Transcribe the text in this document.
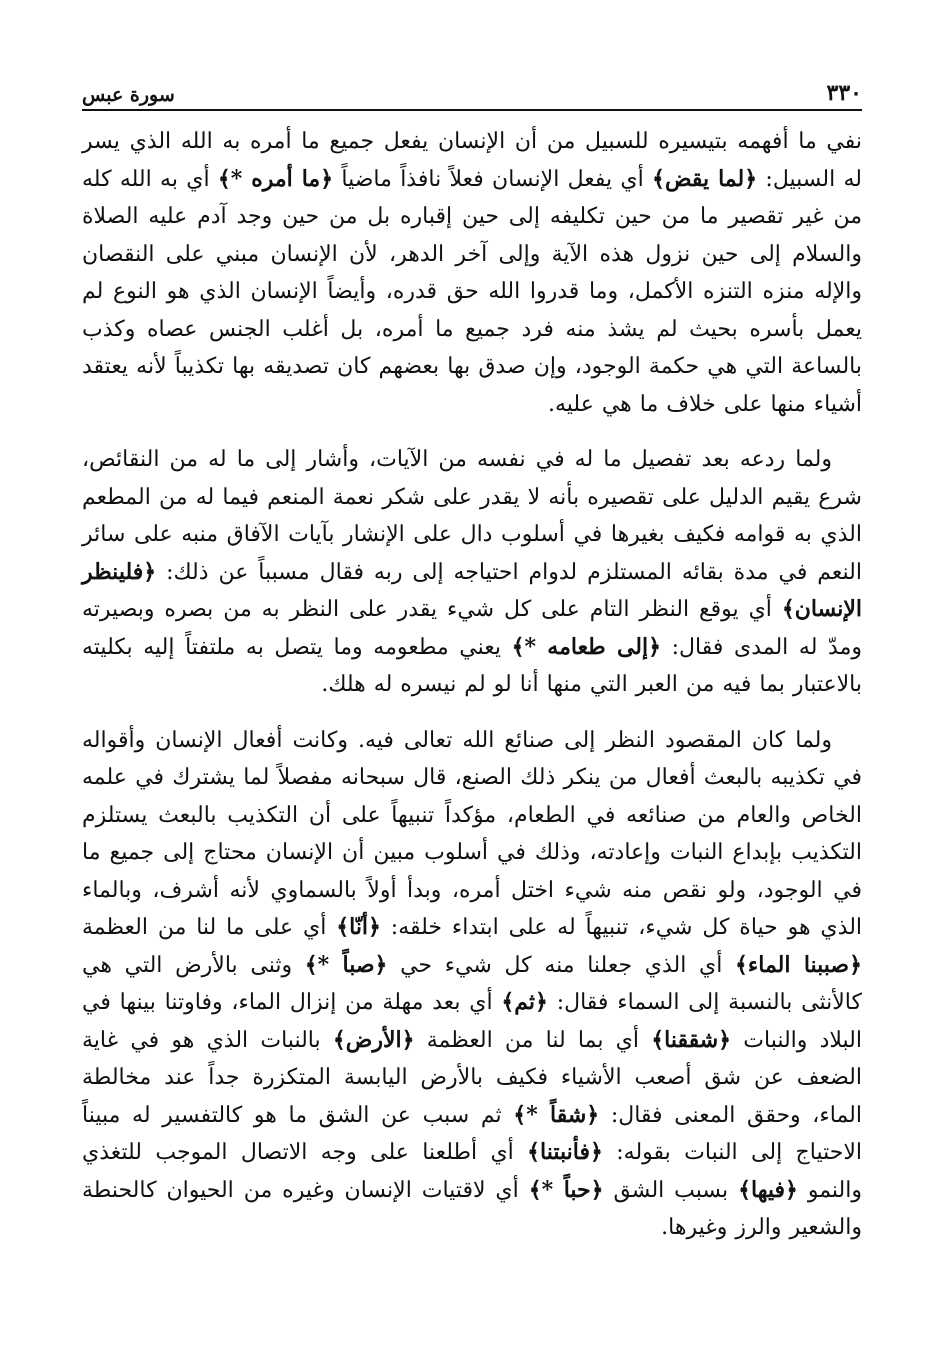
٣٣٠
سورة عبس

نفي ما أفهمه بتيسيره للسبيل من أن الإنسان يفعل جميع ما أمره به الله الذي يسر له السبيل: ﴿لما يقض﴾ أي يفعل الإنسان فعلاً نافذاً ماضياً ﴿ما أمره *﴾ أي به الله كله من غير تقصير ما من حين تكليفه إلى حين إقباره بل من حين وجد آدم عليه الصلاة والسلام إلى حين نزول هذه الآية وإلى آخر الدهر، لأن الإنسان مبني على النقصان والإله منزه التنزه الأكمل، وما قدروا الله حق قدره، وأيضاً الإنسان الذي هو النوع لم يعمل بأسره بحيث لم يشذ منه فرد جميع ما أمره، بل أغلب الجنس عصاه وكذب بالساعة التي هي حكمة الوجود، وإن صدق بها بعضهم كان تصديقه بها تكذيباً لأنه يعتقد أشياء منها على خلاف ما هي عليه.

ولما ردعه بعد تفصيل ما له في نفسه من الآيات، وأشار إلى ما له من النقائص، شرع يقيم الدليل على تقصيره بأنه لا يقدر على شكر نعمة المنعم فيما له من المطعم الذي به قوامه فكيف بغيرها في أسلوب دال على الإنشار بآيات الآفاق منبه على سائر النعم في مدة بقائه المستلزم لدوام احتياجه إلى ربه فقال مسبباً عن ذلك: ﴿فلينظر الإنسان﴾ أي يوقع النظر التام على كل شيء يقدر على النظر به من بصره وبصيرته ومدّ له المدى فقال: ﴿إلى طعامه *﴾ يعني مطعومه وما يتصل به ملتفتاً إليه بكليته بالاعتبار بما فيه من العبر التي منها أنا لو لم نيسره له هلك.

ولما كان المقصود النظر إلى صنائع الله تعالى فيه. وكانت أفعال الإنسان وأقواله في تكذيبه بالبعث أفعال من ينكر ذلك الصنع، قال سبحانه مفصلاً لما يشترك في علمه الخاص والعام من صنائعه في الطعام، مؤكداً تنبيهاً على أن التكذيب بالبعث يستلزم التكذيب بإبداع النبات وإعادته، وذلك في أسلوب مبين أن الإنسان محتاج إلى جميع ما في الوجود، ولو نقص منه شيء اختل أمره، وبدأ أولاً بالسماوي لأنه أشرف، وبالماء الذي هو حياة كل شيء، تنبيهاً له على ابتداء خلقه: ﴿أنّا﴾ أي على ما لنا من العظمة ﴿صببنا الماء﴾ أي الذي جعلنا منه كل شيء حي ﴿صباً *﴾ وثنى بالأرض التي هي كالأنثى بالنسبة إلى السماء فقال: ﴿ثم﴾ أي بعد مهلة من إنزال الماء، وفاوتنا بينها في البلاد والنبات ﴿شققنا﴾ أي بما لنا من العظمة ﴿الأرض﴾ بالنبات الذي هو في غاية الضعف عن شق أصعب الأشياء فكيف بالأرض اليابسة المتكزرة جداً عند مخالطة الماء، وحقق المعنى فقال: ﴿شقاً *﴾ ثم سبب عن الشق ما هو كالتفسير له مبيناً الاحتياج إلى النبات بقوله: ﴿فأنبتنا﴾ أي أطلعنا على وجه الاتصال الموجب للتغذي والنمو ﴿فيها﴾ بسبب الشق ﴿حباً *﴾ أي لاقتيات الإنسان وغيره من الحيوان كالحنطة والشعير والرز وغيرها.
